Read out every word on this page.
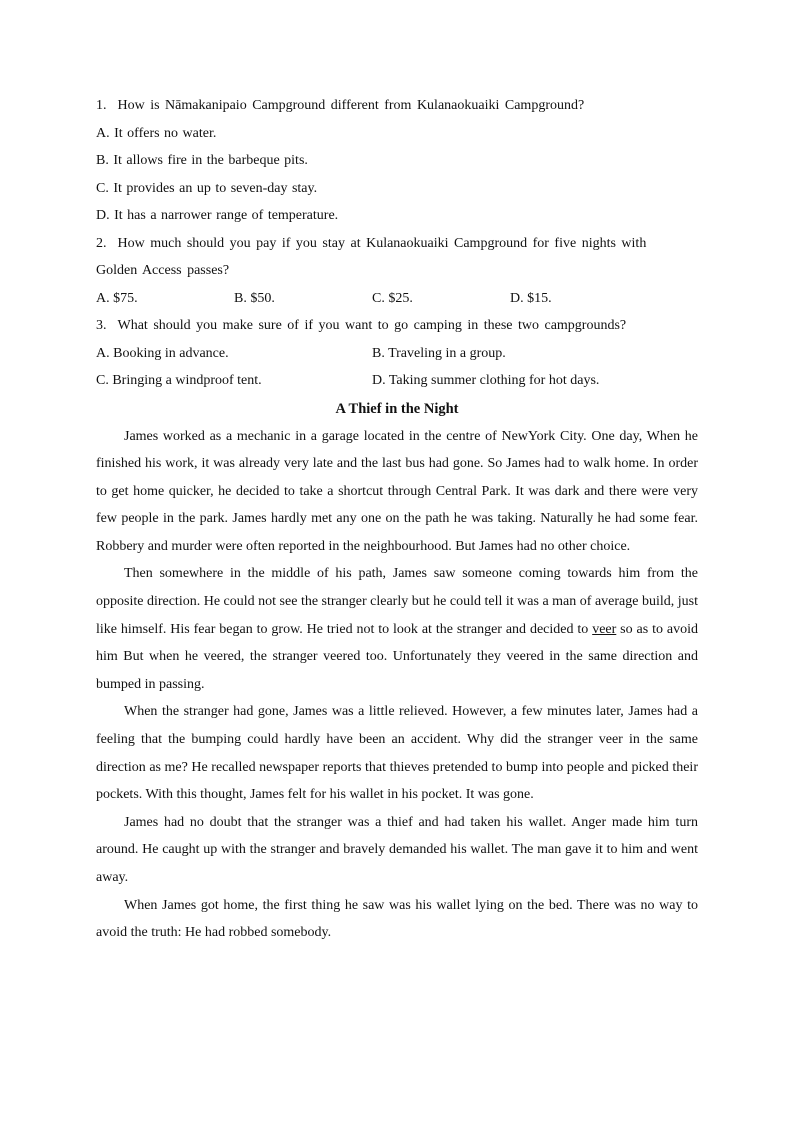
1. How is Nāmakanipaio Campground different from Kulanaokuaiki Campground?
A. It offers no water.
B. It allows fire in the barbeque pits.
C. It provides an up to seven-day stay.
D. It has a narrower range of temperature.
2. How much should you pay if you stay at Kulanaokuaiki Campground for five nights with
Golden Access passes?
A. $75.	B. $50.	C. $25.	D. $15.
3. What should you make sure of if you want to go camping in these two campgrounds?
A. Booking in advance.	B. Traveling in a group.
C. Bringing a windproof tent.	D. Taking summer clothing for hot days.
A Thief in the Night

James worked as a mechanic in a garage located in the centre of NewYork City. One day, When he finished his work, it was already very late and the last bus had gone. So James had to walk home. In order to get home quicker, he decided to take a shortcut through Central Park. It was dark and there were very few people in the park. James hardly met any one on the path he was taking. Naturally he had some fear. Robbery and murder were often reported in the neighbourhood. But James had no other choice.

Then somewhere in the middle of his path, James saw someone coming towards him from the opposite direction. He could not see the stranger clearly but he could tell it was a man of average build, just like himself. His fear began to grow. He tried not to look at the stranger and decided to veer so as to avoid him But when he veered, the stranger veered too. Unfortunately they veered in the same direction and bumped in passing.

When the stranger had gone, James was a little relieved. However, a few minutes later, James had a feeling that the bumping could hardly have been an accident. Why did the stranger veer in the same direction as me? He recalled newspaper reports that thieves pretended to bump into people and picked their pockets. With this thought, James felt for his wallet in his pocket. It was gone.

James had no doubt that the stranger was a thief and had taken his wallet. Anger made him turn around. He caught up with the stranger and bravely demanded his wallet. The man gave it to him and went away.

When James got home, the first thing he saw was his wallet lying on the bed. There was no way to avoid the truth: He had robbed somebody.
